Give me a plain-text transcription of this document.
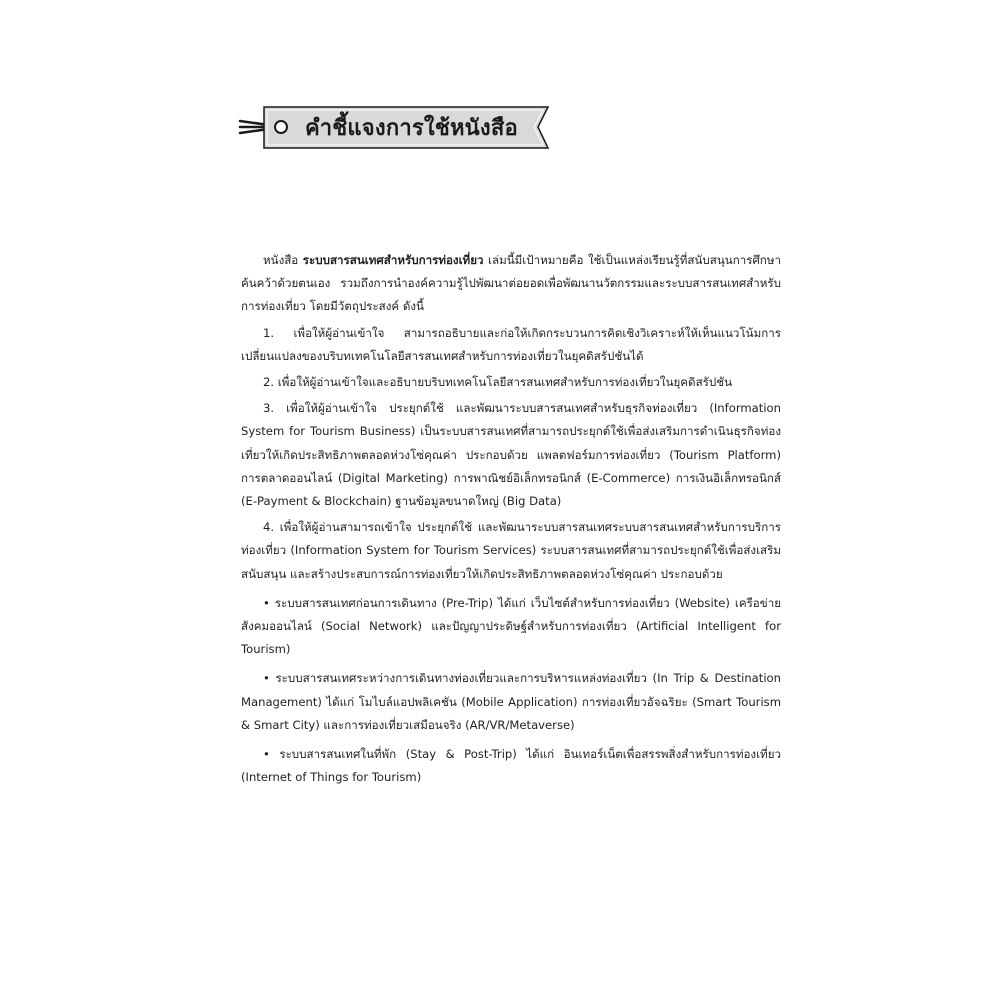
คำชี้แจงการใช้หนังสือ

หนังสือ ระบบสารสนเทศสำหรับการท่องเที่ยว เล่มนี้มีเป้าหมายคือ ใช้เป็นแหล่งเรียนรู้ที่สนับสนุนการศึกษาค้นคว้าด้วยตนเอง รวมถึงการนำองค์ความรู้ไปพัฒนาต่อยอดเพื่อพัฒนานวัตกรรมและระบบสารสนเทศสำหรับการท่องเที่ยว โดยมีวัตถุประสงค์ ดังนี้

1. เพื่อให้ผู้อ่านเข้าใจ สามารถอธิบายและก่อให้เกิดกระบวนการคิดเชิงวิเคราะห์ให้เห็นแนวโน้มการเปลี่ยนแปลงของบริบทเทคโนโลยีสารสนเทศสำหรับการท่องเที่ยวในยุคดิสรัปชันได้

2. เพื่อให้ผู้อ่านเข้าใจและอธิบายบริบทเทคโนโลยีสารสนเทศสำหรับการท่องเที่ยวในยุคดิสรัปชัน

3. เพื่อให้ผู้อ่านเข้าใจ ประยุกต์ใช้ และพัฒนาระบบสารสนเทศสำหรับธุรกิจท่องเที่ยว (Information System for Tourism Business) เป็นระบบสารสนเทศที่สามารถประยุกต์ใช้เพื่อส่งเสริมการดำเนินธุรกิจท่องเที่ยวให้เกิดประสิทธิภาพตลอดห่วงโซ่คุณค่า ประกอบด้วย แพลตฟอร์มการท่องเที่ยว (Tourism Platform) การตลาดออนไลน์ (Digital Marketing) การพาณิชย์อิเล็กทรอนิกส์ (E-Commerce) การเงินอิเล็กทรอนิกส์ (E-Payment & Blockchain) ฐานข้อมูลขนาดใหญ่ (Big Data)

4. เพื่อให้ผู้อ่านสามารถเข้าใจ ประยุกต์ใช้ และพัฒนาระบบสารสนเทศระบบสารสนเทศสำหรับการบริการท่องเที่ยว (Information System for Tourism Services) ระบบสารสนเทศที่สามารถประยุกต์ใช้เพื่อส่งเสริม สนับสนุน และสร้างประสบการณ์การท่องเที่ยวให้เกิดประสิทธิภาพตลอดห่วงโซ่คุณค่า ประกอบด้วย

• ระบบสารสนเทศก่อนการเดินทาง (Pre-Trip) ได้แก่ เว็บไซต์สำหรับการท่องเที่ยว (Website) เครือข่ายสังคมออนไลน์ (Social Network) และปัญญาประดิษฐ์สำหรับการท่องเที่ยว (Artificial Intelligent for Tourism)

• ระบบสารสนเทศระหว่างการเดินทางท่องเที่ยวและการบริหารแหล่งท่องเที่ยว (In Trip & Destination Management) ได้แก่ โมไบล์แอปพลิเคชัน (Mobile Application) การท่องเที่ยวอัจฉริยะ (Smart Tourism & Smart City) และการท่องเที่ยวเสมือนจริง (AR/VR/Metaverse)

• ระบบสารสนเทศในที่พัก (Stay & Post-Trip) ได้แก่ อินเทอร์เน็ตเพื่อสรรพสิ่งสำหรับการท่องเที่ยว (Internet of Things for Tourism)
